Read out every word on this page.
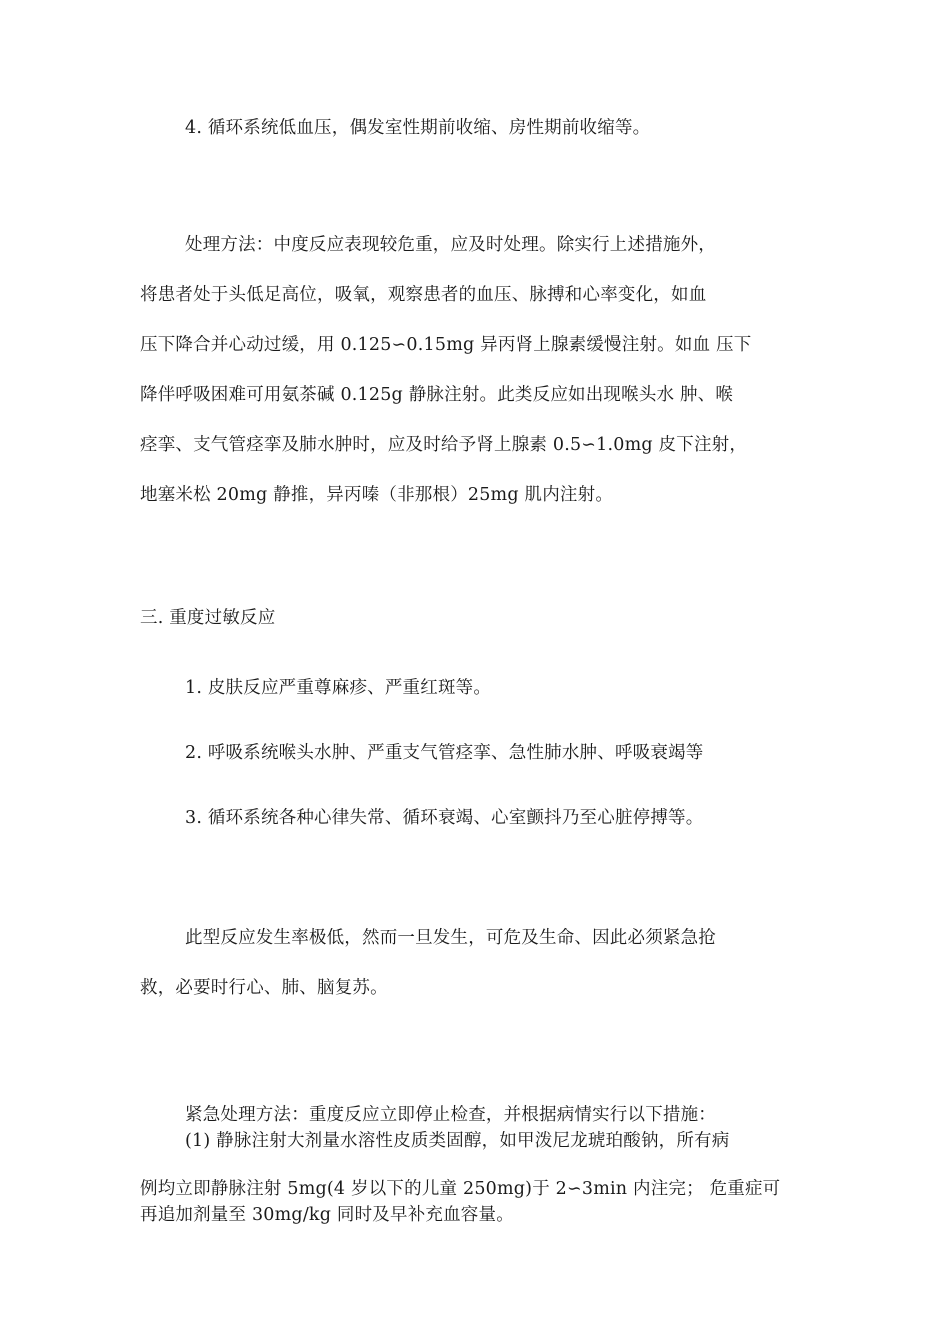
4. 循环系统低血压，偶发室性期前收缩、房性期前收缩等。
处理方法：中度反应表现较危重，应及时处理。除实行上述措施外，
将患者处于头低足高位，吸氧，观察患者的血压、脉搏和心率变化，如血
压下降合并心动过缓，用 0.125∽0.15mg 异丙肾上腺素缓慢注射。如血 压下
降伴呼吸困难可用氨茶碱 0.125g 静脉注射。此类反应如出现喉头水 肿、喉
痉挛、支气管痉挛及肺水肿时，应及时给予肾上腺素 0.5∽1.0mg 皮下注射，
地塞米松 20mg 静推，异丙嗪（非那根）25mg 肌内注射。
三. 重度过敏反应
1. 皮肤反应严重尊麻疹、严重红斑等。
2. 呼吸系统喉头水肿、严重支气管痉挛、急性肺水肿、呼吸衰竭等
3. 循环系统各种心律失常、循环衰竭、心室颤抖乃至心脏停搏等。
此型反应发生率极低，然而一旦发生，可危及生命、因此必须紧急抢
救，必要时行心、肺、脑复苏。
紧急处理方法：重度反应立即停止检查，并根据病情实行以下措施：
(1) 静脉注射大剂量水溶性皮质类固醇，如甲泼尼龙琥珀酸钠，所有病
例均立即静脉注射 5mg(4 岁以下的儿童 250mg)于 2∽3min 内注完； 危重症可
再追加剂量至 30mg/kg 同时及早补充血容量。
